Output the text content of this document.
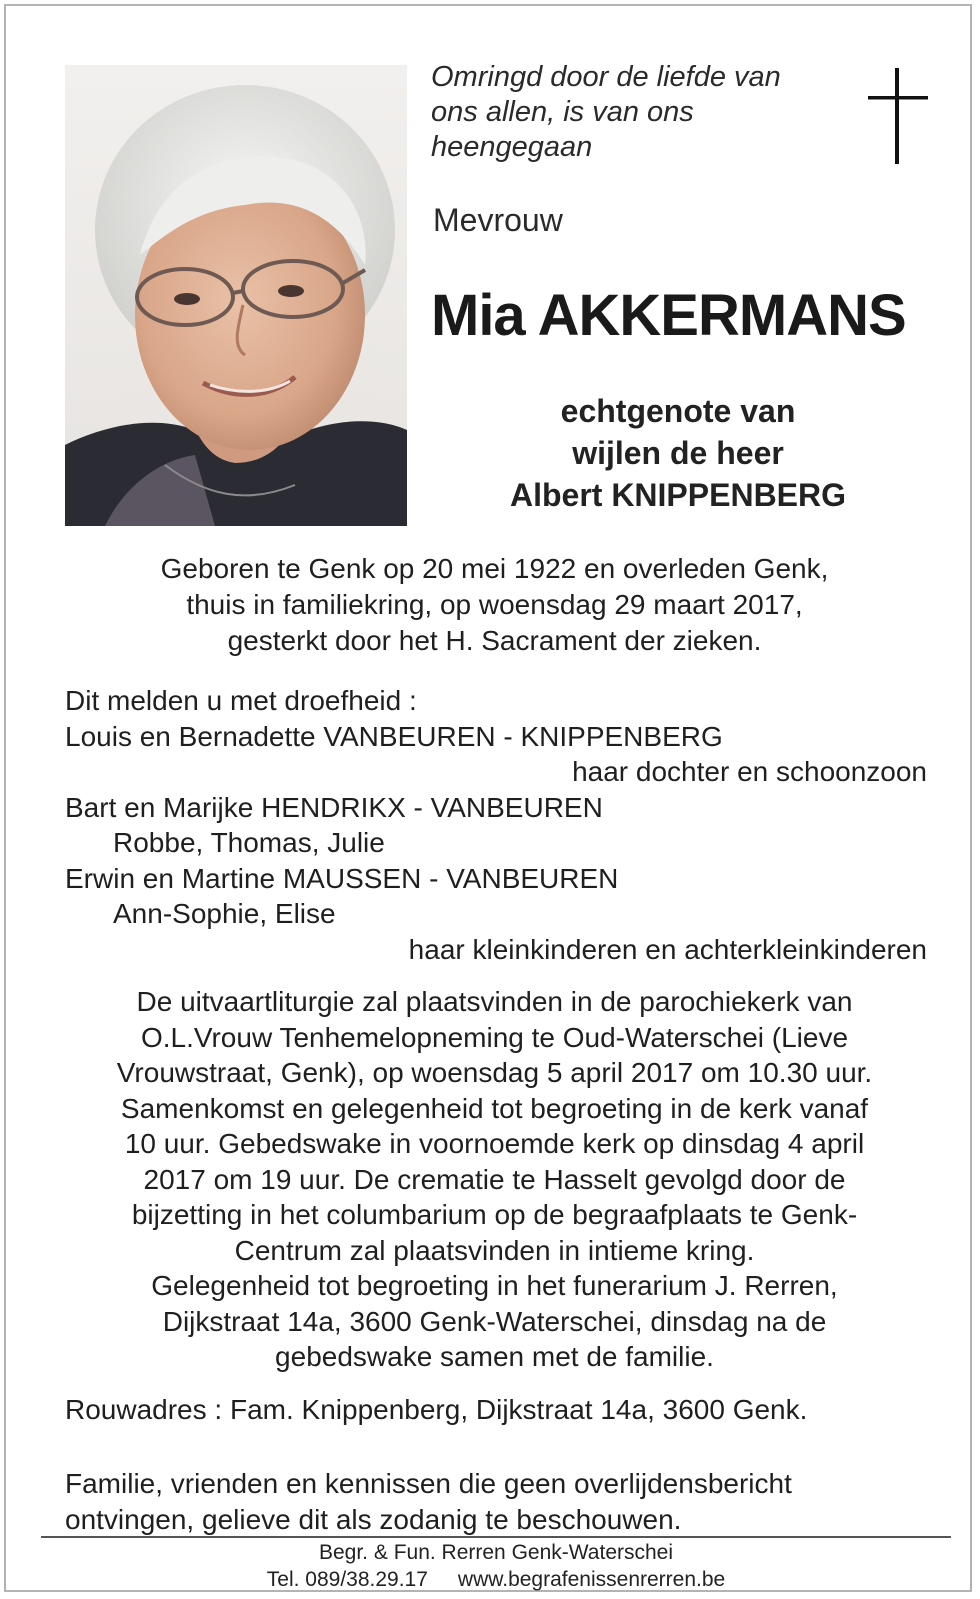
Omringd door de liefde van
ons allen, is van ons
heengegaan
Mevrouw
Mia AKKERMANS
echtgenote van
wijlen de heer
Albert KNIPPENBERG
Geboren te Genk op 20 mei 1922 en overleden Genk,
thuis in familiekring, op woensdag 29 maart 2017,
gesterkt door het H. Sacrament der zieken.
Dit melden u met droefheid :
Louis en Bernadette VANBEUREN - KNIPPENBERG
haar dochter en schoonzoon
Bart en Marijke HENDRIKX - VANBEUREN
Robbe, Thomas, Julie
Erwin en Martine MAUSSEN - VANBEUREN
Ann-Sophie, Elise
haar kleinkinderen en achterkleinkinderen
De uitvaartliturgie zal plaatsvinden in de parochiekerk van
O.L.Vrouw Tenhemelopneming te Oud-Waterschei (Lieve
Vrouwstraat, Genk), op woensdag 5 april 2017 om 10.30 uur.
Samenkomst en gelegenheid tot begroeting in de kerk vanaf
10 uur. Gebedswake in voornoemde kerk op dinsdag 4 april
2017 om 19 uur. De crematie te Hasselt gevolgd door de
bijzetting in het columbarium op de begraafplaats te Genk-
Centrum zal plaatsvinden in intieme kring.
Gelegenheid tot begroeting in het funerarium J. Rerren,
Dijkstraat 14a, 3600 Genk-Waterschei, dinsdag na de
gebedswake samen met de familie.
Rouwadres : Fam. Knippenberg, Dijkstraat 14a, 3600 Genk.
Familie, vrienden en kennissen die geen overlijdensbericht
ontvingen, gelieve dit als zodanig te beschouwen.
Begr. & Fun. Rerren Genk-Waterschei
Tel. 089/38.29.17 www.begrafenissenrerren.be
